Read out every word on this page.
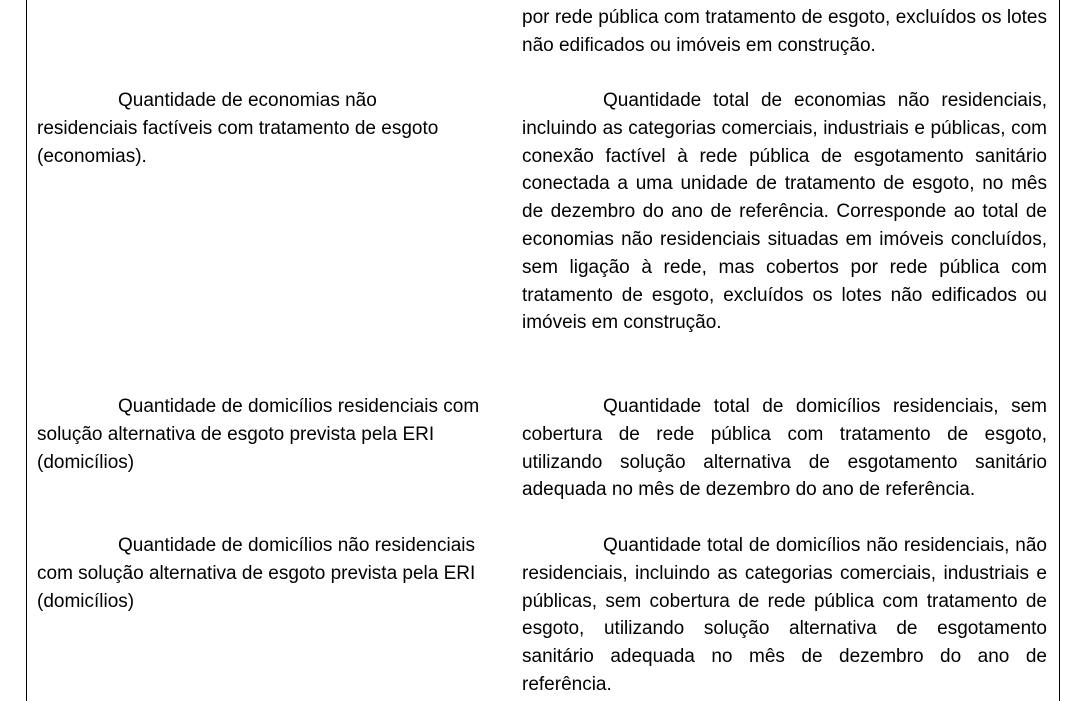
por rede pública com tratamento de esgoto, excluídos os lotes não edificados ou imóveis em construção.

Quantidade de economias não residenciais factíveis com tratamento de esgoto (economias).

Quantidade total de economias não residenciais, incluindo as categorias comerciais, industriais e públicas, com conexão factível à rede pública de esgotamento sanitário conectada a uma unidade de tratamento de esgoto, no mês de dezembro do ano de referência. Corresponde ao total de economias não residenciais situadas em imóveis concluídos, sem ligação à rede, mas cobertos por rede pública com tratamento de esgoto, excluídos os lotes não edificados ou imóveis em construção.

Quantidade de domicílios residenciais com solução alternativa de esgoto prevista pela ERI (domicílios)

Quantidade total de domicílios residenciais, sem cobertura de rede pública com tratamento de esgoto, utilizando solução alternativa de esgotamento sanitário adequada no mês de dezembro do ano de referência.

Quantidade de domicílios não residenciais com solução alternativa de esgoto prevista pela ERI (domicílios)

Quantidade total de domicílios não residenciais, não residenciais, incluindo as categorias comerciais, industriais e públicas, sem cobertura de rede pública com tratamento de esgoto, utilizando solução alternativa de esgotamento sanitário adequada no mês de dezembro do ano de referência.
